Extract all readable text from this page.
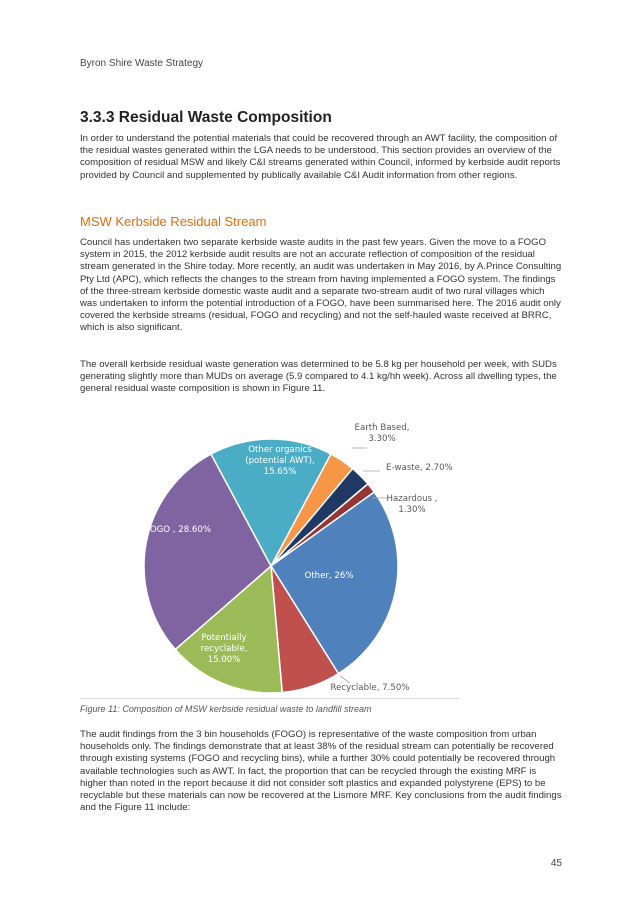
Byron Shire Waste Strategy
3.3.3 Residual Waste Composition

In order to understand the potential materials that could be recovered through an AWT facility, the composition of the residual wastes generated within the LGA needs to be understood. This section provides an overview of the composition of residual MSW and likely C&I streams generated within Council, informed by kerbside audit reports provided by Council and supplemented by publically available C&I Audit information from other regions.

MSW Kerbside Residual Stream

Council has undertaken two separate kerbside waste audits in the past few years. Given the move to a FOGO system in 2015, the 2012 kerbside audit results are not an accurate reflection of composition of the residual stream generated in the Shire today. More recently, an audit was undertaken in May 2016, by A.Prince Consulting Pty Ltd (APC), which reflects the changes to the stream from having implemented a FOGO system. The findings of the three-stream kerbside domestic waste audit and a separate two-stream audit of two rural villages which was undertaken to inform the potential introduction of a FOGO, have been summarised here. The 2016 audit only covered the kerbside streams (residual, FOGO and recycling) and not the self-hauled waste received at BRRC, which is also significant.

The overall kerbside residual waste generation was determined to be 5.8 kg per household per week, with SUDs generating slightly more than MUDs on average (5.9 compared to 4.1 kg/hh week). Across all dwelling types, the general residual waste composition is shown in Figure 11.

Earth Based, 3.30%
E-waste, 2.70%
Hazardous , 1.30%
Other, 26%
Recyclable, 7.50%
Potentially recyclable, 15.00%
FOGO , 28.60%
Other organics (potential AWT), 15.65%
Figure 11: Composition of MSW kerbside residual waste to landfill stream

The audit findings from the 3 bin households (FOGO) is representative of the waste composition from urban households only. The findings demonstrate that at least 38% of the residual stream can potentially be recovered through existing systems (FOGO and recycling bins), while a further 30% could potentially be recovered through available technologies such as AWT. In fact, the proportion that can be recycled through the existing MRF is higher than noted in the report because it did not consider soft plastics and expanded polystyrene (EPS) to be recyclable but these materials can now be recovered at the Lismore MRF. Key conclusions from the audit findings and the Figure 11 include:

45
